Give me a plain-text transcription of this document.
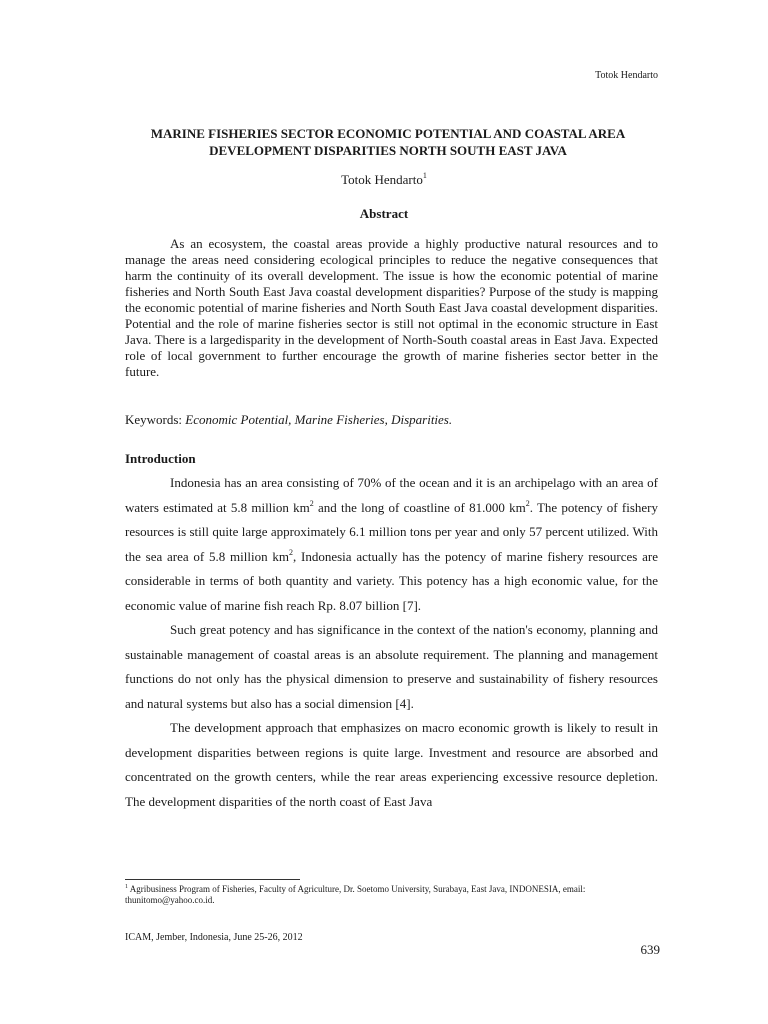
Totok Hendarto
MARINE FISHERIES SECTOR ECONOMIC POTENTIAL AND COASTAL AREA DEVELOPMENT DISPARITIES NORTH SOUTH EAST JAVA
Totok Hendarto$^1$
Abstract

As an ecosystem, the coastal areas provide a highly productive natural resources and to manage the areas need considering ecological principles to reduce the negative consequences that harm the continuity of its overall development. The issue is how the economic potential of marine fisheries and North South East Java coastal development disparities? Purpose of the study is mapping the economic potential of marine fisheries and North South East Java coastal development disparities. Potential and the role of marine fisheries sector is still not optimal in the economic structure in East Java. There is a largedisparity in the development of North-South coastal areas in East Java. Expected role of local government to further encourage the growth of marine fisheries sector better in the future.

Keywords: Economic Potential, Marine Fisheries, Disparities.
Introduction

Indonesia has an area consisting of 70% of the ocean and it is an archipelago with an area of waters estimated at 5.8 million $km^2$ and the long of coastline of 81.000 $km^2$. The potency of fishery resources is still quite large approximately 6.1 million tons per year and only 57 percent utilized. With the sea area of 5.8 million $km^2$, Indonesia actually has the potency of marine fishery resources are considerable in terms of both quantity and variety. This potency has a high economic value, for the economic value of marine fish reach Rp. 8.07 billion [7].

Such great potency and has significance in the context of the nation's economy, planning and sustainable management of coastal areas is an absolute requirement. The planning and management functions do not only has the physical dimension to preserve and sustainability of fishery resources and natural systems but also has a social dimension [4].

The development approach that emphasizes on macro economic growth is likely to result in development disparities between regions is quite large. Investment and resource are absorbed and concentrated on the growth centers, while the rear areas experiencing excessive resource depletion. The development disparities of the north coast of East Java

$^1$ Agribusiness Program of Fisheries, Faculty of Agriculture, Dr. Soetomo University, Surabaya, East Java, INDONESIA, email: thunitomo@yahoo.co.id.
ICAM, Jember, Indonesia, June 25-26, 2012
639
